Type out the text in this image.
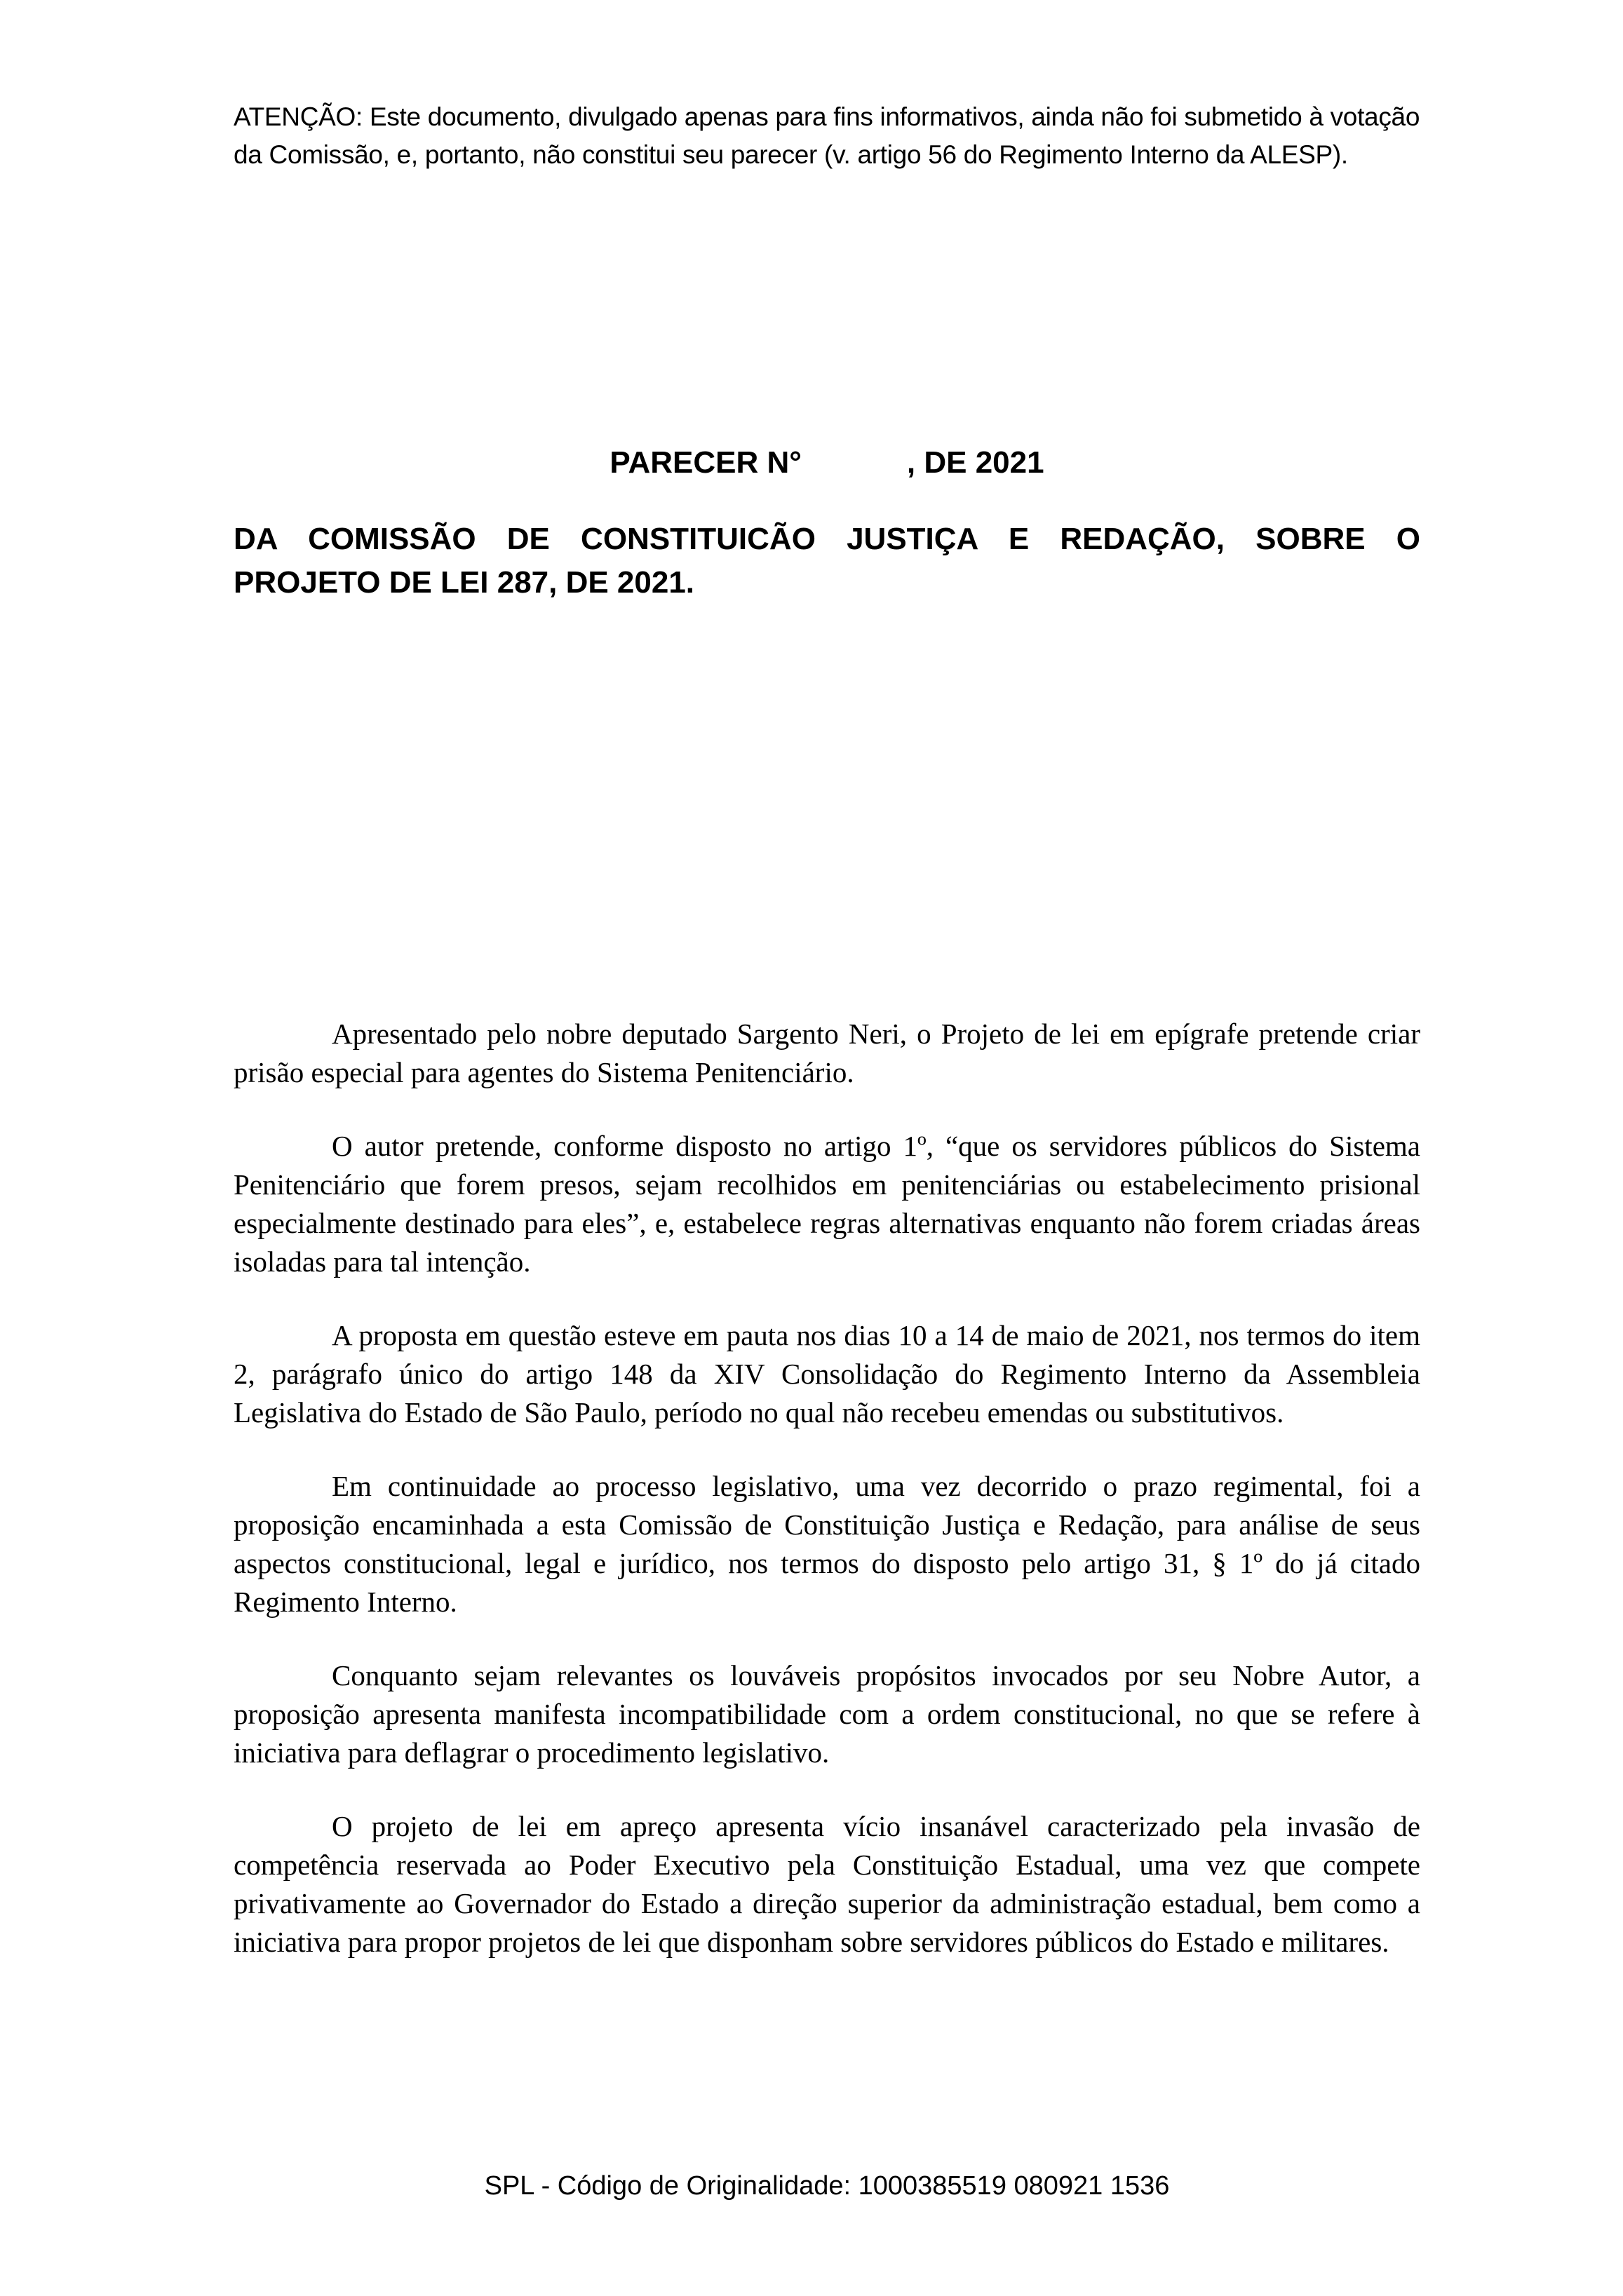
ATENÇÃO: Este documento, divulgado apenas para fins informativos, ainda não foi submetido à votação da Comissão, e, portanto, não constitui seu parecer (v. artigo 56 do Regimento Interno da ALESP).
PARECER N°	, DE 2021
DA COMISSÃO DE CONSTITUICÃO JUSTIÇA E REDAÇÃO, SOBRE O
PROJETO DE LEI 287, DE 2021.

Apresentado pelo nobre deputado Sargento Neri, o Projeto de lei em epígrafe pretende criar prisão especial para agentes do Sistema Penitenciário.

O autor pretende, conforme disposto no artigo 1º, “que os servidores públicos do Sistema Penitenciário que forem presos, sejam recolhidos em penitenciárias ou estabelecimento prisional especialmente destinado para eles”, e, estabelece regras alternativas enquanto não forem criadas áreas isoladas para tal intenção.

A proposta em questão esteve em pauta nos dias 10 a 14 de maio de 2021, nos termos do item 2, parágrafo único do artigo 148 da XIV Consolidação do Regimento Interno da Assembleia Legislativa do Estado de São Paulo, período no qual não recebeu emendas ou substitutivos.

Em continuidade ao processo legislativo, uma vez decorrido o prazo regimental, foi a proposição encaminhada a esta Comissão de Constituição Justiça e Redação, para análise de seus aspectos constitucional, legal e jurídico, nos termos do disposto pelo artigo 31, § 1º do já citado Regimento Interno.

Conquanto sejam relevantes os louváveis propósitos invocados por seu Nobre Autor, a proposição apresenta manifesta incompatibilidade com a ordem constitucional, no que se refere à iniciativa para deflagrar o procedimento legislativo.

O projeto de lei em apreço apresenta vício insanável caracterizado pela invasão de competência reservada ao Poder Executivo pela Constituição Estadual, uma vez que compete privativamente ao Governador do Estado a direção superior da administração estadual, bem como a iniciativa para propor projetos de lei que disponham sobre servidores públicos do Estado e militares.

SPL - Código de Originalidade: 1000385519 080921 1536
